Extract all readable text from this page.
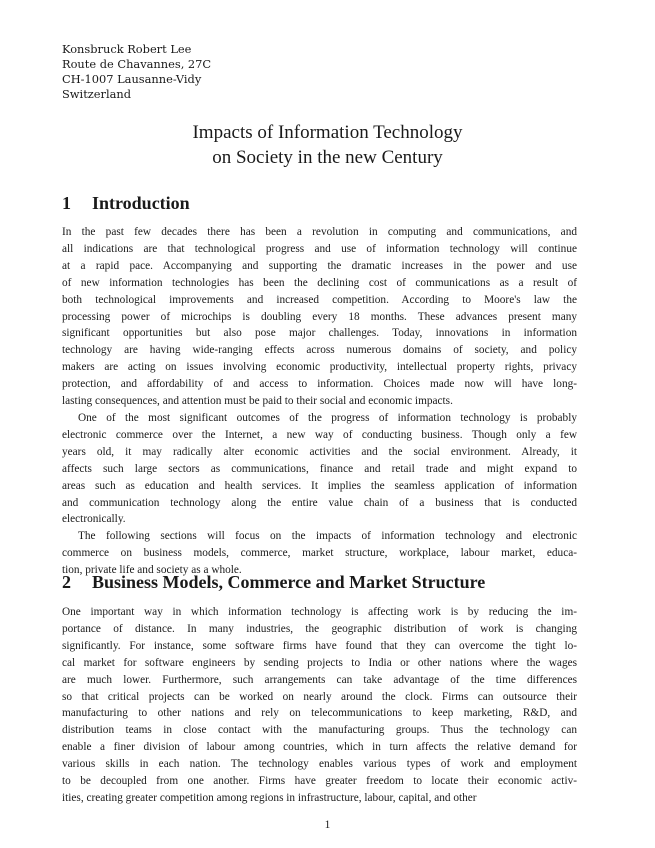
Konsbruck Robert Lee
Route de Chavannes, 27C
CH-1007 Lausanne-Vidy
Switzerland
Impacts of Information Technology
on Society in the new Century
1 Introduction
In the past few decades there has been a revolution in computing and communications, and
all indications are that technological progress and use of information technology will continue
at a rapid pace. Accompanying and supporting the dramatic increases in the power and use
of new information technologies has been the declining cost of communications as a result of
both technological improvements and increased competition. According to Moore's law the
processing power of microchips is doubling every 18 months. These advances present many
significant opportunities but also pose major challenges. Today, innovations in information
technology are having wide-ranging effects across numerous domains of society, and policy
makers are acting on issues involving economic productivity, intellectual property rights, privacy
protection, and affordability of and access to information. Choices made now will have long-
lasting consequences, and attention must be paid to their social and economic impacts.
One of the most significant outcomes of the progress of information technology is probably
electronic commerce over the Internet, a new way of conducting business. Though only a few
years old, it may radically alter economic activities and the social environment. Already, it
affects such large sectors as communications, finance and retail trade and might expand to
areas such as education and health services. It implies the seamless application of information
and communication technology along the entire value chain of a business that is conducted
electronically.
The following sections will focus on the impacts of information technology and electronic
commerce on business models, commerce, market structure, workplace, labour market, educa-
tion, private life and society as a whole.
2 Business Models, Commerce and Market Structure
One important way in which information technology is affecting work is by reducing the im-
portance of distance. In many industries, the geographic distribution of work is changing
significantly. For instance, some software firms have found that they can overcome the tight lo-
cal market for software engineers by sending projects to India or other nations where the wages
are much lower. Furthermore, such arrangements can take advantage of the time differences
so that critical projects can be worked on nearly around the clock. Firms can outsource their
manufacturing to other nations and rely on telecommunications to keep marketing, R&D, and
distribution teams in close contact with the manufacturing groups. Thus the technology can
enable a finer division of labour among countries, which in turn affects the relative demand for
various skills in each nation. The technology enables various types of work and employment
to be decoupled from one another. Firms have greater freedom to locate their economic activ-
ities, creating greater competition among regions in infrastructure, labour, capital, and other
1
